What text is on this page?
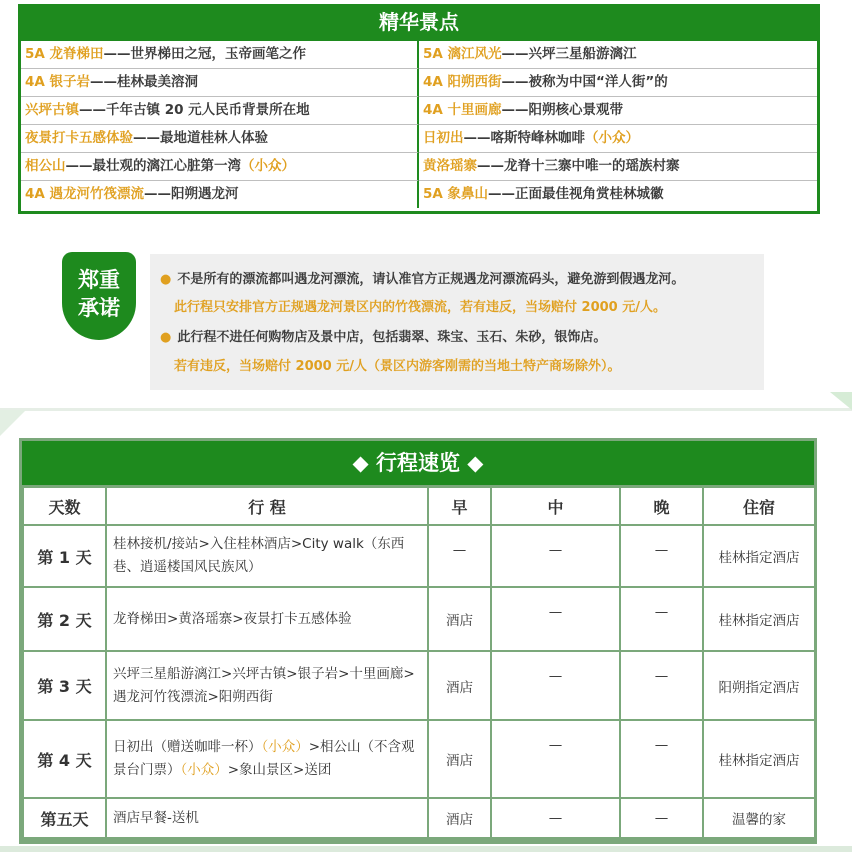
精华景点
5A 龙脊梯田——世界梯田之冠，玉帝画笔之作	5A 漓江风光——兴坪三星船游漓江
4A 银子岩——桂林最美溶洞	4A 阳朔西街——被称为中国“洋人街”的
兴坪古镇——千年古镇 20 元人民币背景所在地	4A 十里画廊——阳朔核心景观带
夜景打卡五感体验——最地道桂林人体验	日初出——喀斯特峰林咖啡（小众）
相公山——最壮观的漓江心脏第一湾（小众）	黄洛瑶寨——龙脊十三寨中唯一的瑶族村寨
4A 遇龙河竹筏漂流——阳朔遇龙河	5A 象鼻山——正面最佳视角赏桂林城徽
郑重
承诺
● 不是所有的漂流都叫遇龙河漂流，请认准官方正规遇龙河漂流码头，避免游到假遇龙河。
此行程只安排官方正规遇龙河景区内的竹筏漂流，若有违反，当场赔付 2000 元/人。
● 此行程不进任何购物店及景中店，包括翡翠、珠宝、玉石、朱砂，银饰店。
若有违反，当场赔付 2000 元/人（景区内游客刚需的当地土特产商场除外）。
◆ 行程速览 ◆
天数	行 程	早	中	晚	住宿
第 1 天	桂林接机/接站>入住桂林酒店>City walk（东西巷、逍遥楼国风民族风）	—	—	—	桂林指定酒店
第 2 天	龙脊梯田>黄洛瑶寨>夜景打卡五感体验	酒店	—	—	桂林指定酒店
第 3 天	兴坪三星船游漓江>兴坪古镇>银子岩>十里画廊>遇龙河竹筏漂流>阳朔西街	酒店	—	—	阳朔指定酒店
第 4 天	日初出（赠送咖啡一杯）（小众）>相公山（不含观景台门票）（小众）>象山景区>送团	酒店	—	—	桂林指定酒店
第五天	酒店早餐-送机	酒店	—	—	温馨的家
